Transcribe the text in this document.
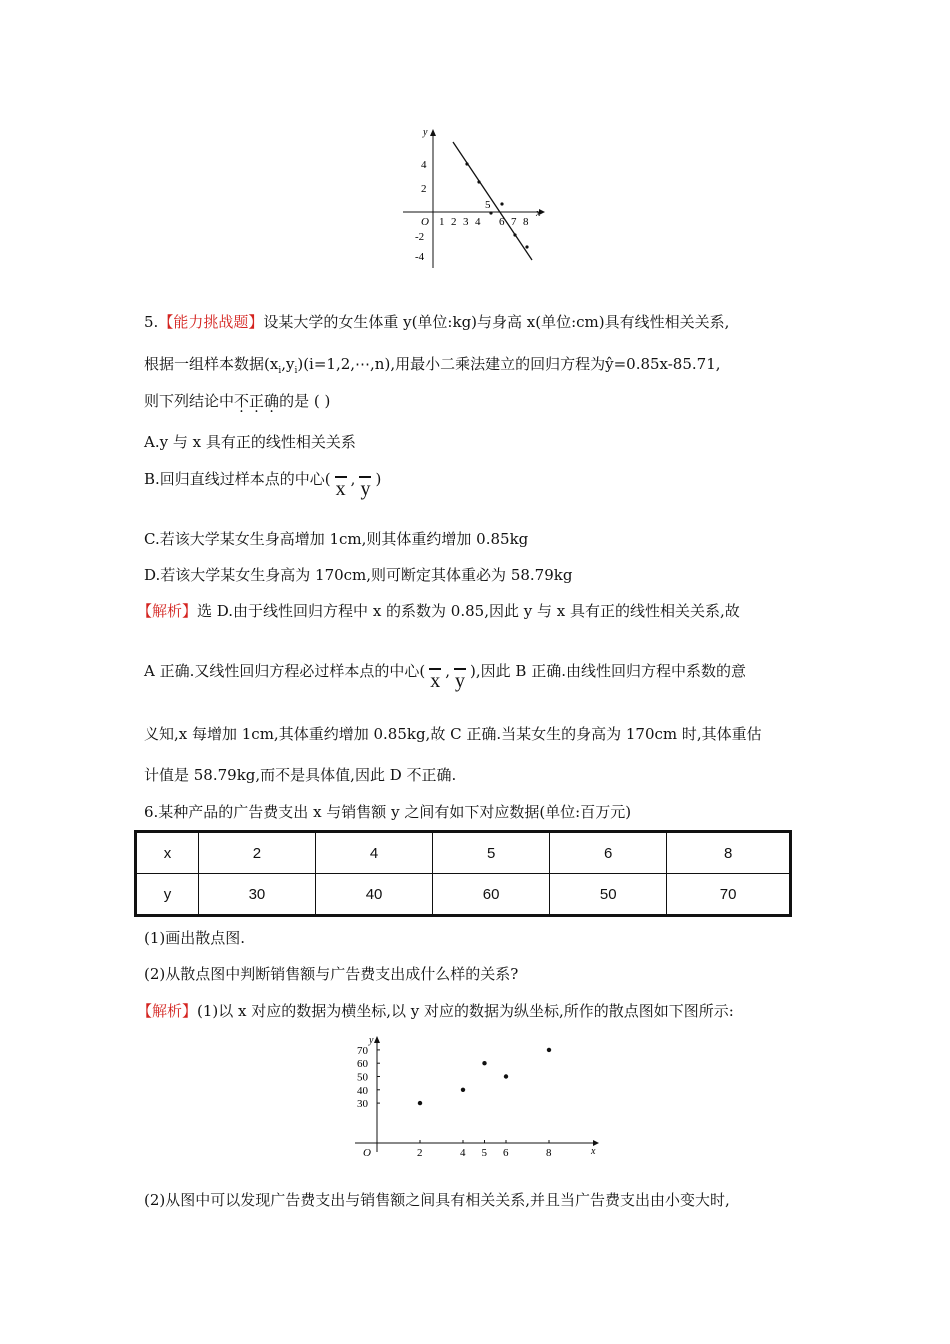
y
x
O 1 2 3 4 6 7 8
4
2
-2
-4
5
5.【能力挑战题】设某大学的女生体重 y(单位:kg)与身高 x(单位:cm)具有线性相关关系,
根据一组样本数据$(x_i,y_i)(i=1,2,\cdots,n)$,用最小二乘法建立的回归方程为ŷ=0.85x-85.71,
则下列结论中不正确的是 ( )
A.y 与 x 具有正的线性相关关系
B.回归直线过样本点的中心( x , y )
C.若该大学某女生身高增加 1cm,则其体重约增加 0.85kg
D.若该大学某女生身高为 170cm,则可断定其体重必为 58.79kg
【解析】选 D.由于线性回归方程中 x 的系数为 0.85,因此 y 与 x 具有正的线性相关关系,故
A 正确.又线性回归方程必过样本点的中心( x , y ),因此 B 正确.由线性回归方程中系数的意
义知,x 每增加 1cm,其体重约增加 0.85kg,故 C 正确.当某女生的身高为 170cm 时,其体重估
计值是 58.79kg,而不是具体值,因此 D 不正确.
6.某种产品的广告费支出 x 与销售额 y 之间有如下对应数据(单位:百万元)
x	2	4	5	6	8
y	30	40	60	50	70
(1)画出散点图.
(2)从散点图中判断销售额与广告费支出成什么样的关系?
【解析】(1)以 x 对应的数据为横坐标,以 y 对应的数据为纵坐标,所作的散点图如下图所示:
y
x
O
30
40
50
60
70
2	4 5 6	8
(2)从图中可以发现广告费支出与销售额之间具有相关关系,并且当广告费支出由小变大时,
